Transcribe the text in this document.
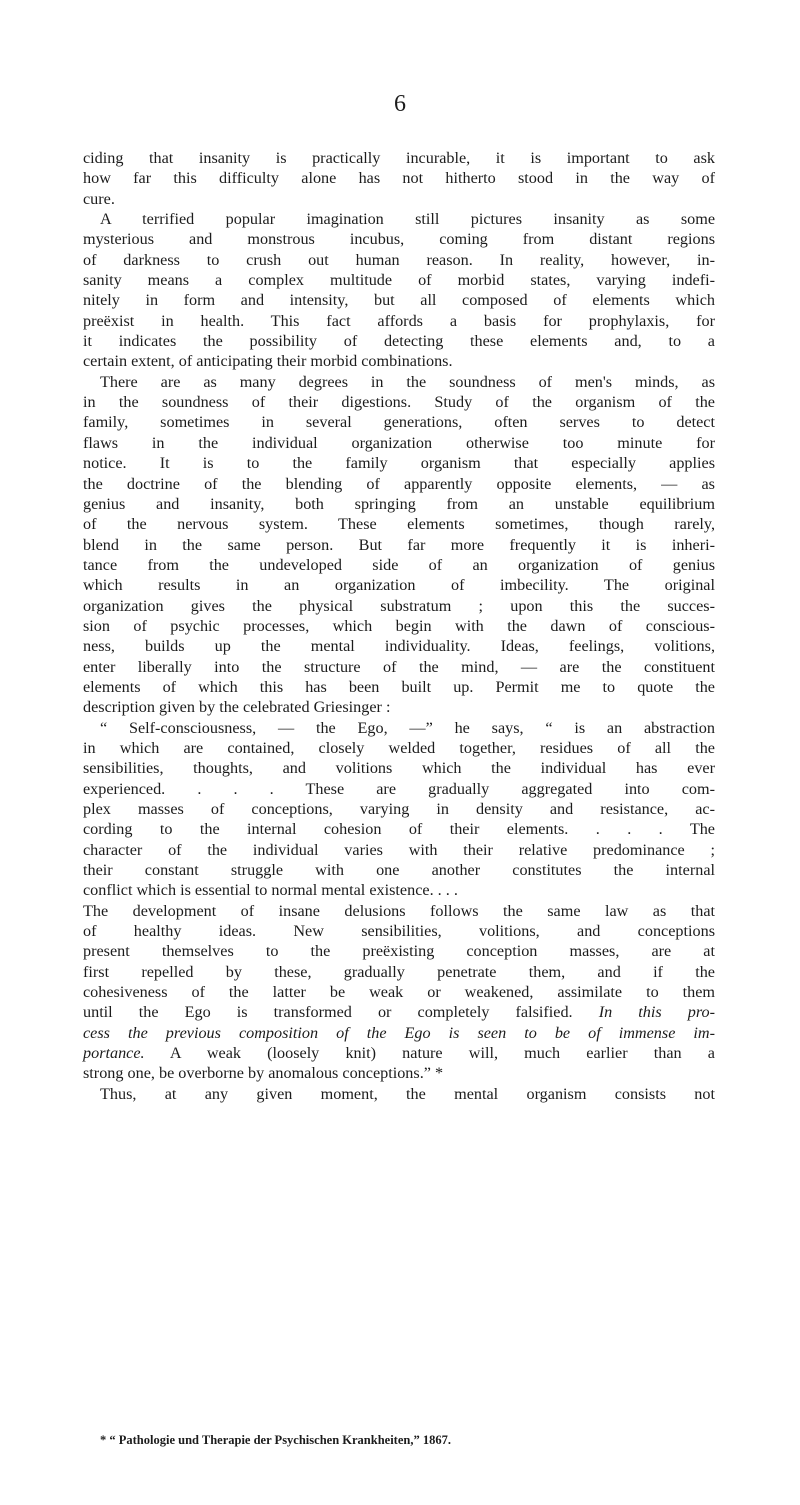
6
ciding that insanity is practically incurable, it is important to ask
how far this difficulty alone has not hitherto stood in the way of
cure.
A terrified popular imagination still pictures insanity as some
mysterious and monstrous incubus, coming from distant regions
of darkness to crush out human reason. In reality, however, in-
sanity means a complex multitude of morbid states, varying indefi-
nitely in form and intensity, but all composed of elements which
preëxist in health. This fact affords a basis for prophylaxis, for
it indicates the possibility of detecting these elements and, to a
certain extent, of anticipating their morbid combinations.
There are as many degrees in the soundness of men's minds, as
in the soundness of their digestions. Study of the organism of the
family, sometimes in several generations, often serves to detect
flaws in the individual organization otherwise too minute for
notice. It is to the family organism that especially applies
the doctrine of the blending of apparently opposite elements, — as
genius and insanity, both springing from an unstable equilibrium
of the nervous system. These elements sometimes, though rarely,
blend in the same person. But far more frequently it is inheri-
tance from the undeveloped side of an organization of genius
which results in an organization of imbecility. The original
organization gives the physical substratum ; upon this the succes-
sion of psychic processes, which begin with the dawn of conscious-
ness, builds up the mental individuality. Ideas, feelings, volitions,
enter liberally into the structure of the mind, — are the constituent
elements of which this has been built up. Permit me to quote the
description given by the celebrated Griesinger :
“ Self-consciousness, — the Ego, —” he says, “ is an abstraction
in which are contained, closely welded together, residues of all the
sensibilities, thoughts, and volitions which the individual has ever
experienced. . . . These are gradually aggregated into com-
plex masses of conceptions, varying in density and resistance, ac-
cording to the internal cohesion of their elements. . . . The
character of the individual varies with their relative predominance ;
their constant struggle with one another constitutes the internal
conflict which is essential to normal mental existence. . . .
The development of insane delusions follows the same law as that
of healthy ideas. New sensibilities, volitions, and conceptions
present themselves to the preëxisting conception masses, are at
first repelled by these, gradually penetrate them, and if the
cohesiveness of the latter be weak or weakened, assimilate to them
until the Ego is transformed or completely falsified. In this pro-
cess the previous composition of the Ego is seen to be of immense im-
portance. A weak (loosely knit) nature will, much earlier than a
strong one, be overborne by anomalous conceptions.” *
Thus, at any given moment, the mental organism consists not
* “ Pathologie und Therapie der Psychischen Krankheiten,” 1867.
